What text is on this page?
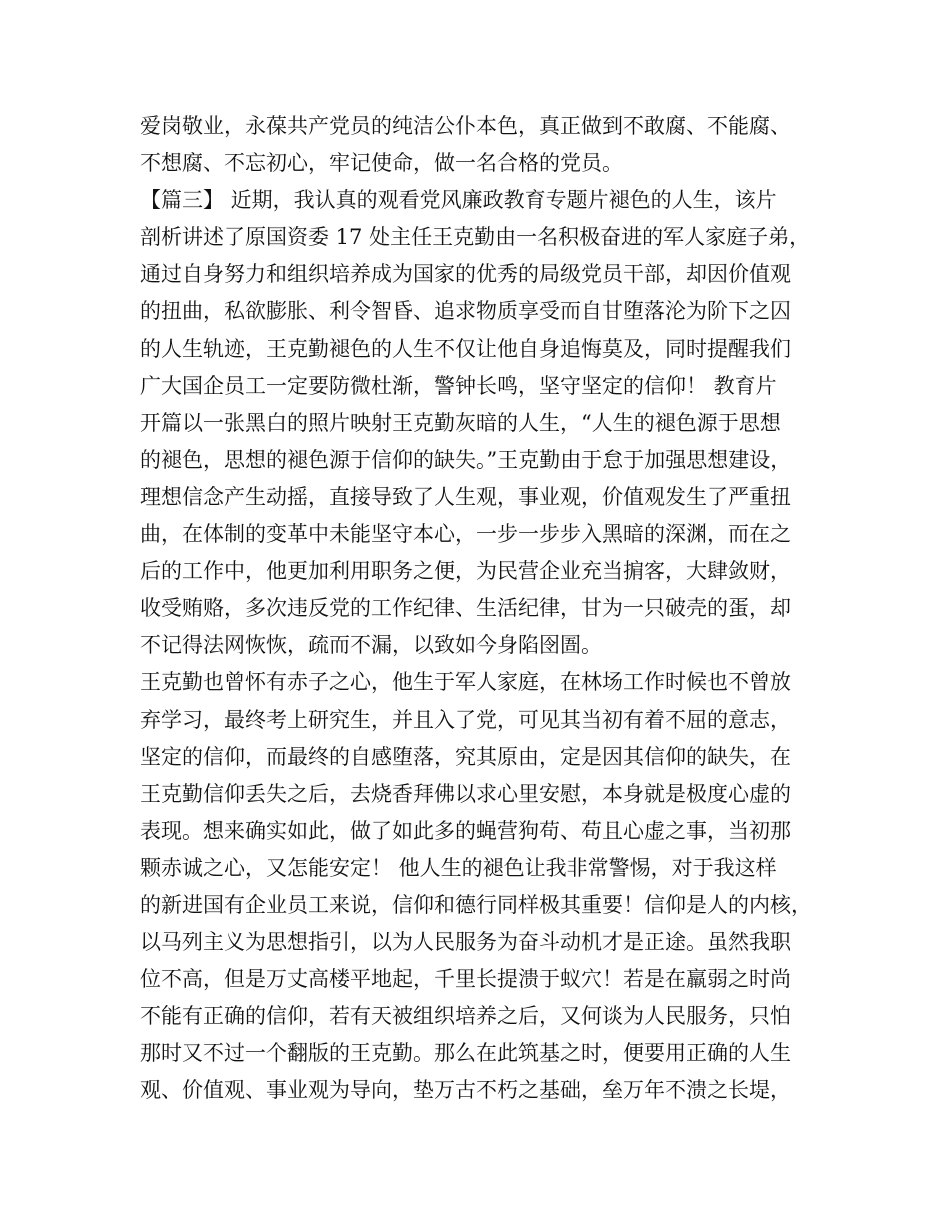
爱岗敬业，永葆共产党员的纯洁公仆本色，真正做到不敢腐、不能腐、
不想腐、不忘初心，牢记使命，做一名合格的党员。
【篇三】 近期，我认真的观看党风廉政教育专题片褪色的人生，该片
剖析讲述了原国资委 17 处主任王克勤由一名积极奋进的军人家庭子弟，
通过自身努力和组织培养成为国家的优秀的局级党员干部，却因价值观
的扭曲，私欲膨胀、利令智昏、追求物质享受而自甘堕落沦为阶下之囚
的人生轨迹，王克勤褪色的人生不仅让他自身追悔莫及，同时提醒我们
广大国企员工一定要防微杜渐，警钟长鸣，坚守坚定的信仰！ 教育片
开篇以一张黑白的照片映射王克勤灰暗的人生，“人生的褪色源于思想
的褪色，思想的褪色源于信仰的缺失。”王克勤由于怠于加强思想建设，
理想信念产生动摇，直接导致了人生观，事业观，价值观发生了严重扭
曲，在体制的变革中未能坚守本心，一步一步步入黑暗的深渊，而在之
后的工作中，他更加利用职务之便，为民营企业充当掮客，大肆敛财，
收受贿赂，多次违反党的工作纪律、生活纪律，甘为一只破壳的蛋，却
不记得法网恢恢，疏而不漏，以致如今身陷囹圄。
王克勤也曾怀有赤子之心，他生于军人家庭，在林场工作时候也不曾放
弃学习，最终考上研究生，并且入了党，可见其当初有着不屈的意志，
坚定的信仰，而最终的自感堕落，究其原由，定是因其信仰的缺失，在
王克勤信仰丢失之后，去烧香拜佛以求心里安慰，本身就是极度心虚的
表现。想来确实如此，做了如此多的蝇营狗苟、苟且心虚之事，当初那
颗赤诚之心，又怎能安定！ 他人生的褪色让我非常警惕，对于我这样
的新进国有企业员工来说，信仰和德行同样极其重要！信仰是人的内核，
以马列主义为思想指引，以为人民服务为奋斗动机才是正途。虽然我职
位不高，但是万丈高楼平地起，千里长提溃于蚁穴！若是在羸弱之时尚
不能有正确的信仰，若有天被组织培养之后，又何谈为人民服务，只怕
那时又不过一个翻版的王克勤。那么在此筑基之时，便要用正确的人生
观、价值观、事业观为导向，垫万古不朽之基础，垒万年不溃之长堤，
